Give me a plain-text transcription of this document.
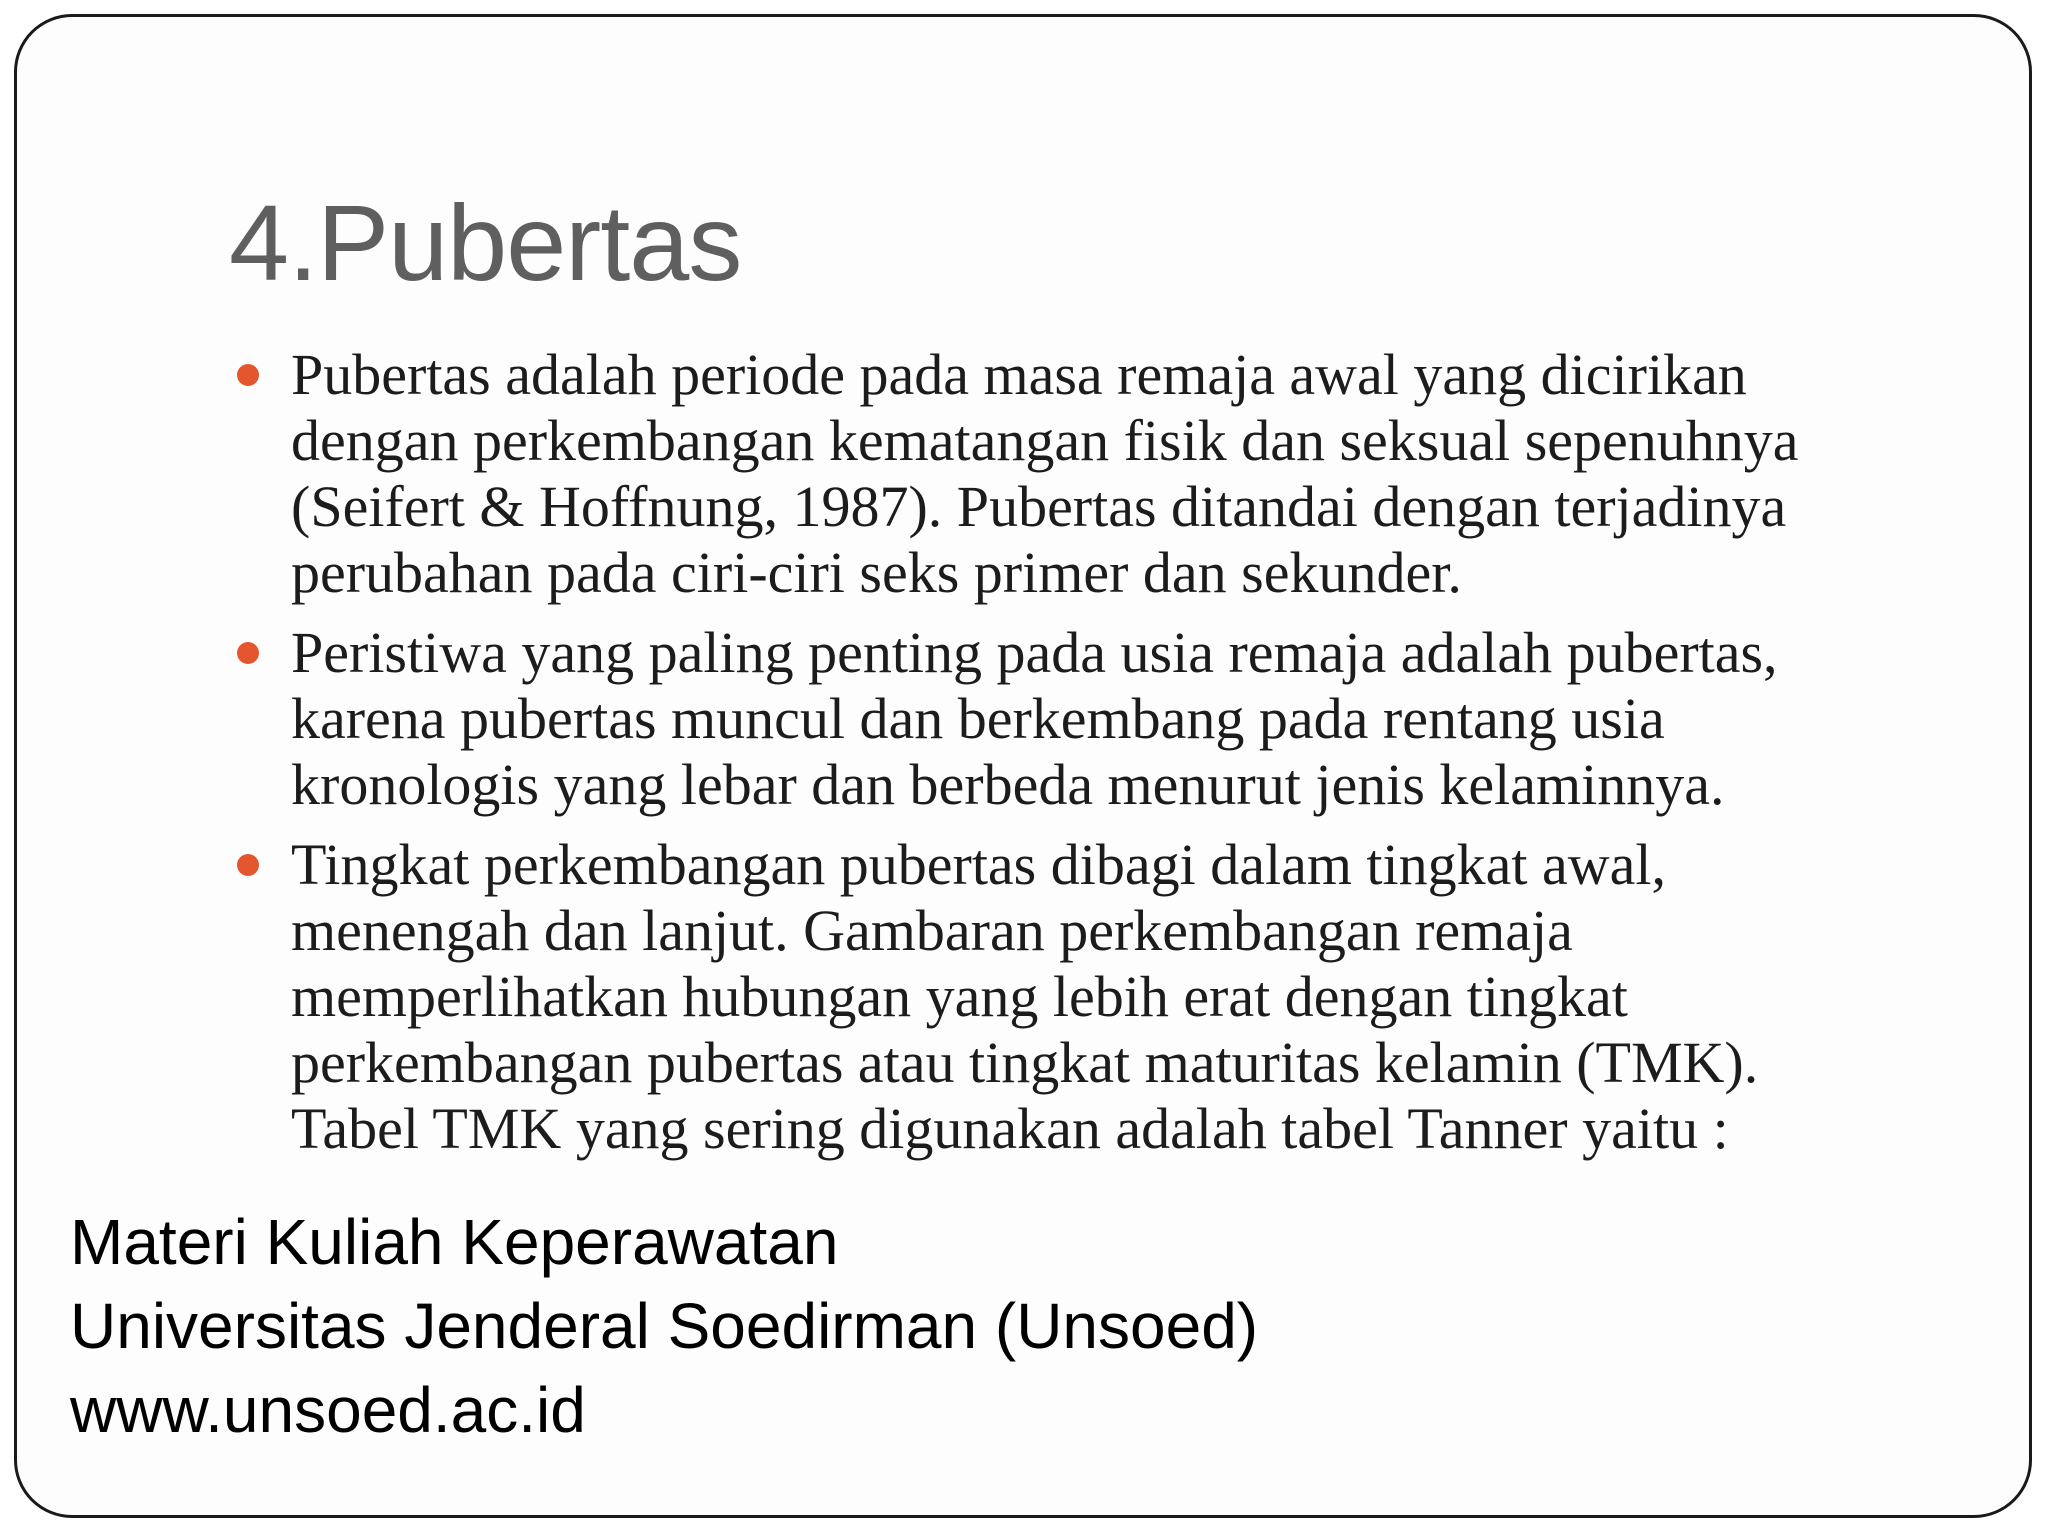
4.Pubertas
Pubertas adalah periode pada masa remaja awal yang dicirikan dengan perkembangan kematangan fisik dan seksual sepenuhnya (Seifert & Hoffnung, 1987). Pubertas ditandai dengan terjadinya perubahan pada ciri-ciri seks primer dan sekunder.
Peristiwa yang paling penting pada usia remaja adalah pubertas, karena pubertas muncul dan berkembang pada rentang usia kronologis yang lebar dan berbeda menurut jenis kelaminnya.
Tingkat perkembangan pubertas dibagi dalam tingkat awal, menengah dan lanjut. Gambaran perkembangan remaja memperlihatkan hubungan yang lebih erat dengan tingkat perkembangan pubertas atau tingkat maturitas kelamin (TMK). Tabel TMK yang sering digunakan adalah tabel Tanner yaitu :
Materi Kuliah Keperawatan
Universitas Jenderal Soedirman (Unsoed)
www.unsoed.ac.id
